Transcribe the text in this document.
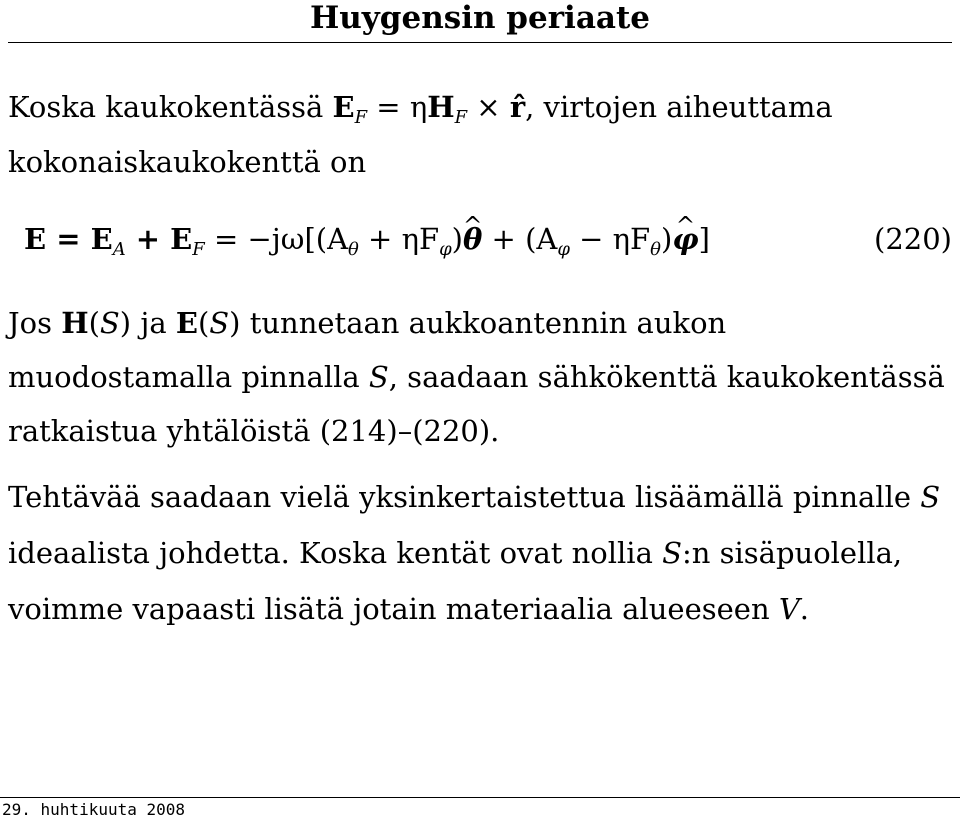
Huygensin periaate

Koska kaukokentässä $E_F = \eta H_F$ × r̂, virtojen aiheuttama kokonaiskaukokenttä on

$E = E_A + E_F = -j\omega[(A_\theta$ + $\eta F_\varphi)\^{}$ $\theta + (A_\varphi$ − $\eta F_\theta)\^{}$ φ]	(220)

Jos H(S) ja E(S) tunnetaan aukkoantennin aukon muodostamalla pinnalla S, saadaan sähkökenttä kaukokentässä ratkaistua yhtälöistä (214)–(220).

Tehtävää saadaan vielä yksinkertaistettua lisäämällä pinnalle S ideaalista johdetta. Koska kentät ovat nollia S:n sisäpuolella, voimme vapaasti lisätä jotain materiaalia alueeseen V.

29. huhtikuuta 2008
